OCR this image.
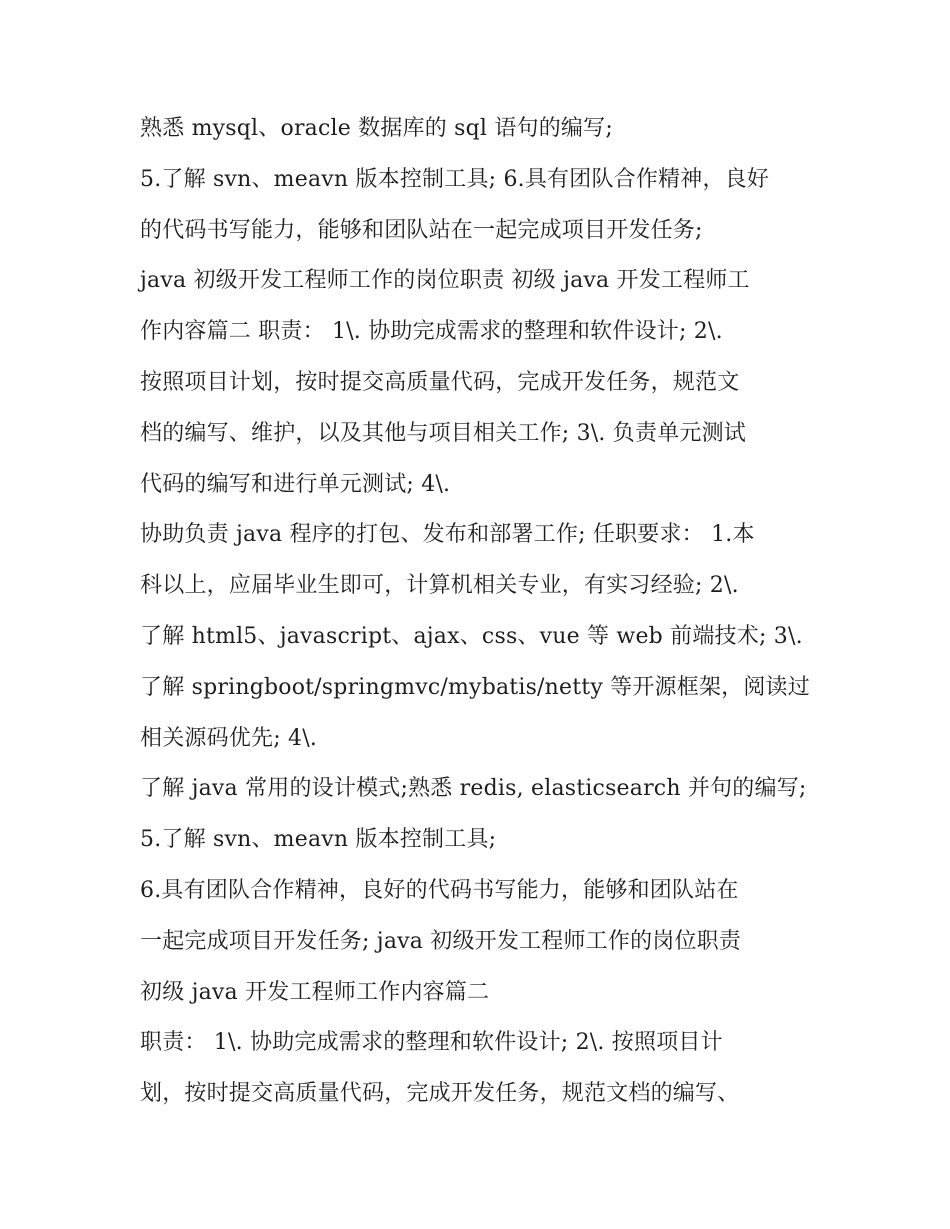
熟悉 mysql、oracle 数据库的 sql 语句的编写;
5.了解 svn、meavn 版本控制工具; 6.具有团队合作精神，良好
的代码书写能力，能够和团队站在一起完成项目开发任务;
java 初级开发工程师工作的岗位职责 初级 java 开发工程师工
作内容篇二 职责： 1\. 协助完成需求的整理和软件设计; 2\.
按照项目计划，按时提交高质量代码，完成开发任务，规范文
档的编写、维护，以及其他与项目相关工作; 3\. 负责单元测试
代码的编写和进行单元测试; 4\.
协助负责 java 程序的打包、发布和部署工作; 任职要求： 1.本
科以上，应届毕业生即可，计算机相关专业，有实习经验; 2\.
了解 html5、javascript、ajax、css、vue 等 web 前端技术; 3\.
了解 springboot/springmvc/mybatis/netty 等开源框架，阅读过
相关源码优先; 4\.
了解 java 常用的设计模式;熟悉 redis, elasticsearch 并句的编写;
5.了解 svn、meavn 版本控制工具;
6.具有团队合作精神，良好的代码书写能力，能够和团队站在
一起完成项目开发任务; java 初级开发工程师工作的岗位职责
初级 java 开发工程师工作内容篇二
职责： 1\. 协助完成需求的整理和软件设计; 2\. 按照项目计
划，按时提交高质量代码，完成开发任务，规范文档的编写、
